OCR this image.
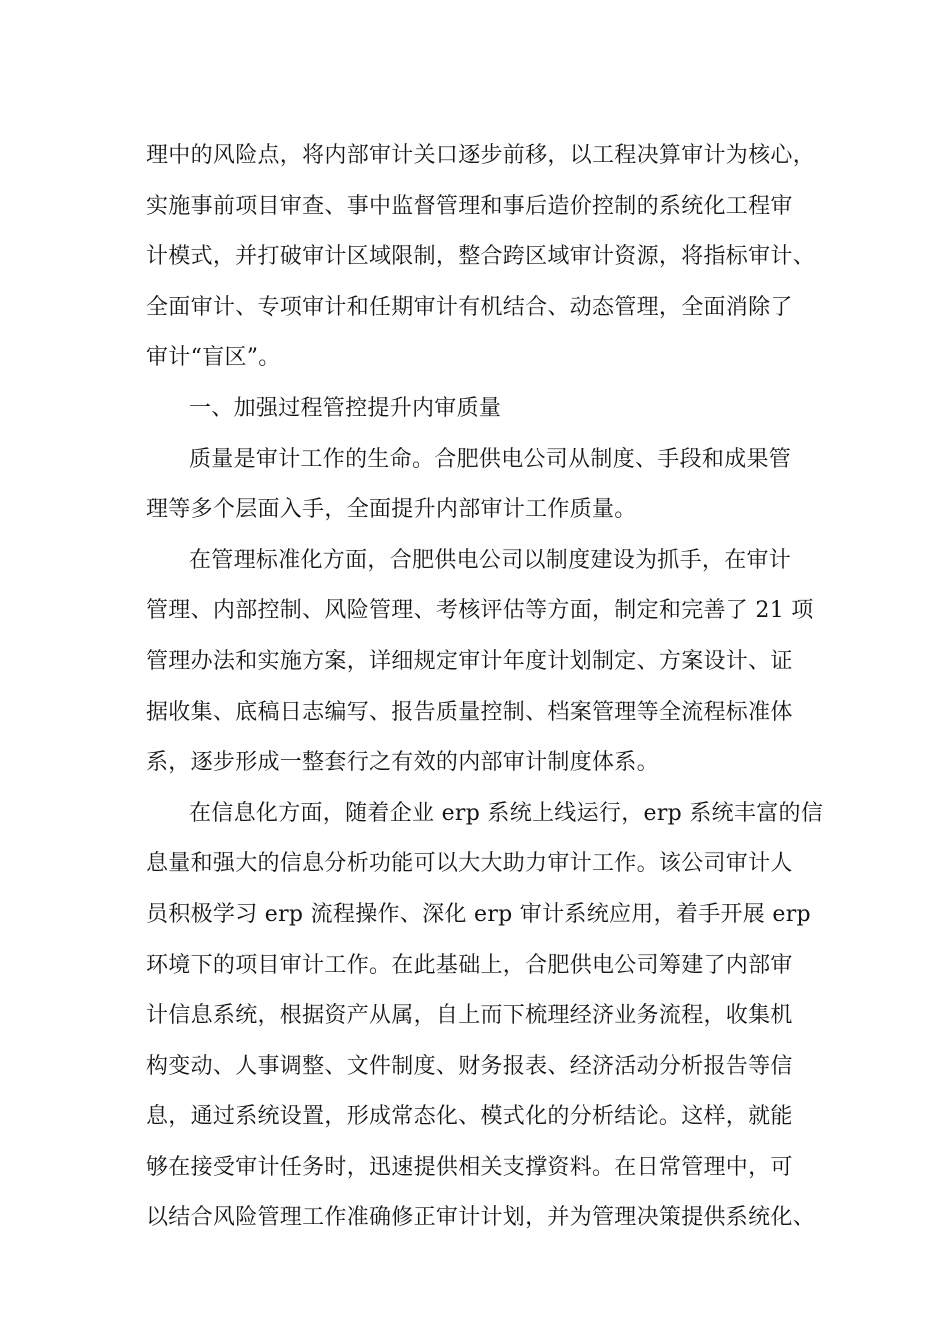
理中的风险点，将内部审计关口逐步前移，以工程决算审计为核心，
实施事前项目审查、事中监督管理和事后造价控制的系统化工程审
计模式，并打破审计区域限制，整合跨区域审计资源，将指标审计、
全面审计、专项审计和任期审计有机结合、动态管理，全面消除了
审计“盲区”。
一、加强过程管控提升内审质量
质量是审计工作的生命。合肥供电公司从制度、手段和成果管
理等多个层面入手，全面提升内部审计工作质量。
在管理标准化方面，合肥供电公司以制度建设为抓手，在审计
管理、内部控制、风险管理、考核评估等方面，制定和完善了 21 项
管理办法和实施方案，详细规定审计年度计划制定、方案设计、证
据收集、底稿日志编写、报告质量控制、档案管理等全流程标准体
系，逐步形成一整套行之有效的内部审计制度体系。
在信息化方面，随着企业 erp 系统上线运行，erp 系统丰富的信
息量和强大的信息分析功能可以大大助力审计工作。该公司审计人
员积极学习 erp 流程操作、深化 erp 审计系统应用，着手开展 erp
环境下的项目审计工作。在此基础上，合肥供电公司筹建了内部审
计信息系统，根据资产从属，自上而下梳理经济业务流程，收集机
构变动、人事调整、文件制度、财务报表、经济活动分析报告等信
息，通过系统设置，形成常态化、模式化的分析结论。这样，就能
够在接受审计任务时，迅速提供相关支撑资料。在日常管理中，可
以结合风险管理工作准确修正审计计划，并为管理决策提供系统化、
